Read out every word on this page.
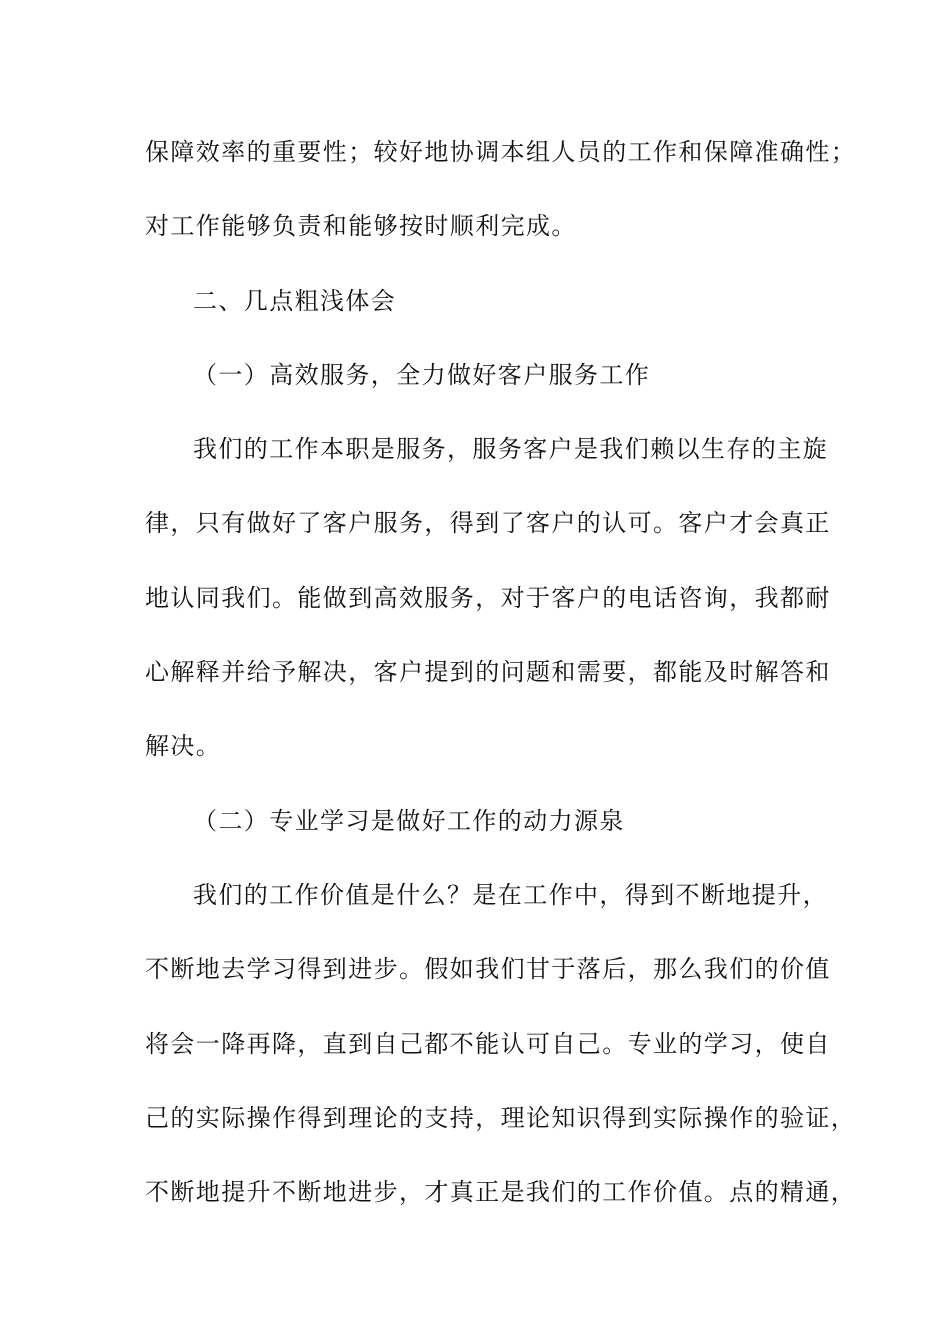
保障效率的重要性；较好地协调本组人员的工作和保障准确性；
对工作能够负责和能够按时顺利完成。
二、几点粗浅体会
（一）高效服务，全力做好客户服务工作
我们的工作本职是服务，服务客户是我们赖以生存的主旋
律，只有做好了客户服务，得到了客户的认可。客户才会真正
地认同我们。能做到高效服务，对于客户的电话咨询，我都耐
心解释并给予解决，客户提到的问题和需要，都能及时解答和
解决。
（二）专业学习是做好工作的动力源泉
我们的工作价值是什么？是在工作中，得到不断地提升，
不断地去学习得到进步。假如我们甘于落后，那么我们的价值
将会一降再降，直到自己都不能认可自己。专业的学习，使自
己的实际操作得到理论的支持，理论知识得到实际操作的验证，
不断地提升不断地进步，才真正是我们的工作价值。点的精通，
